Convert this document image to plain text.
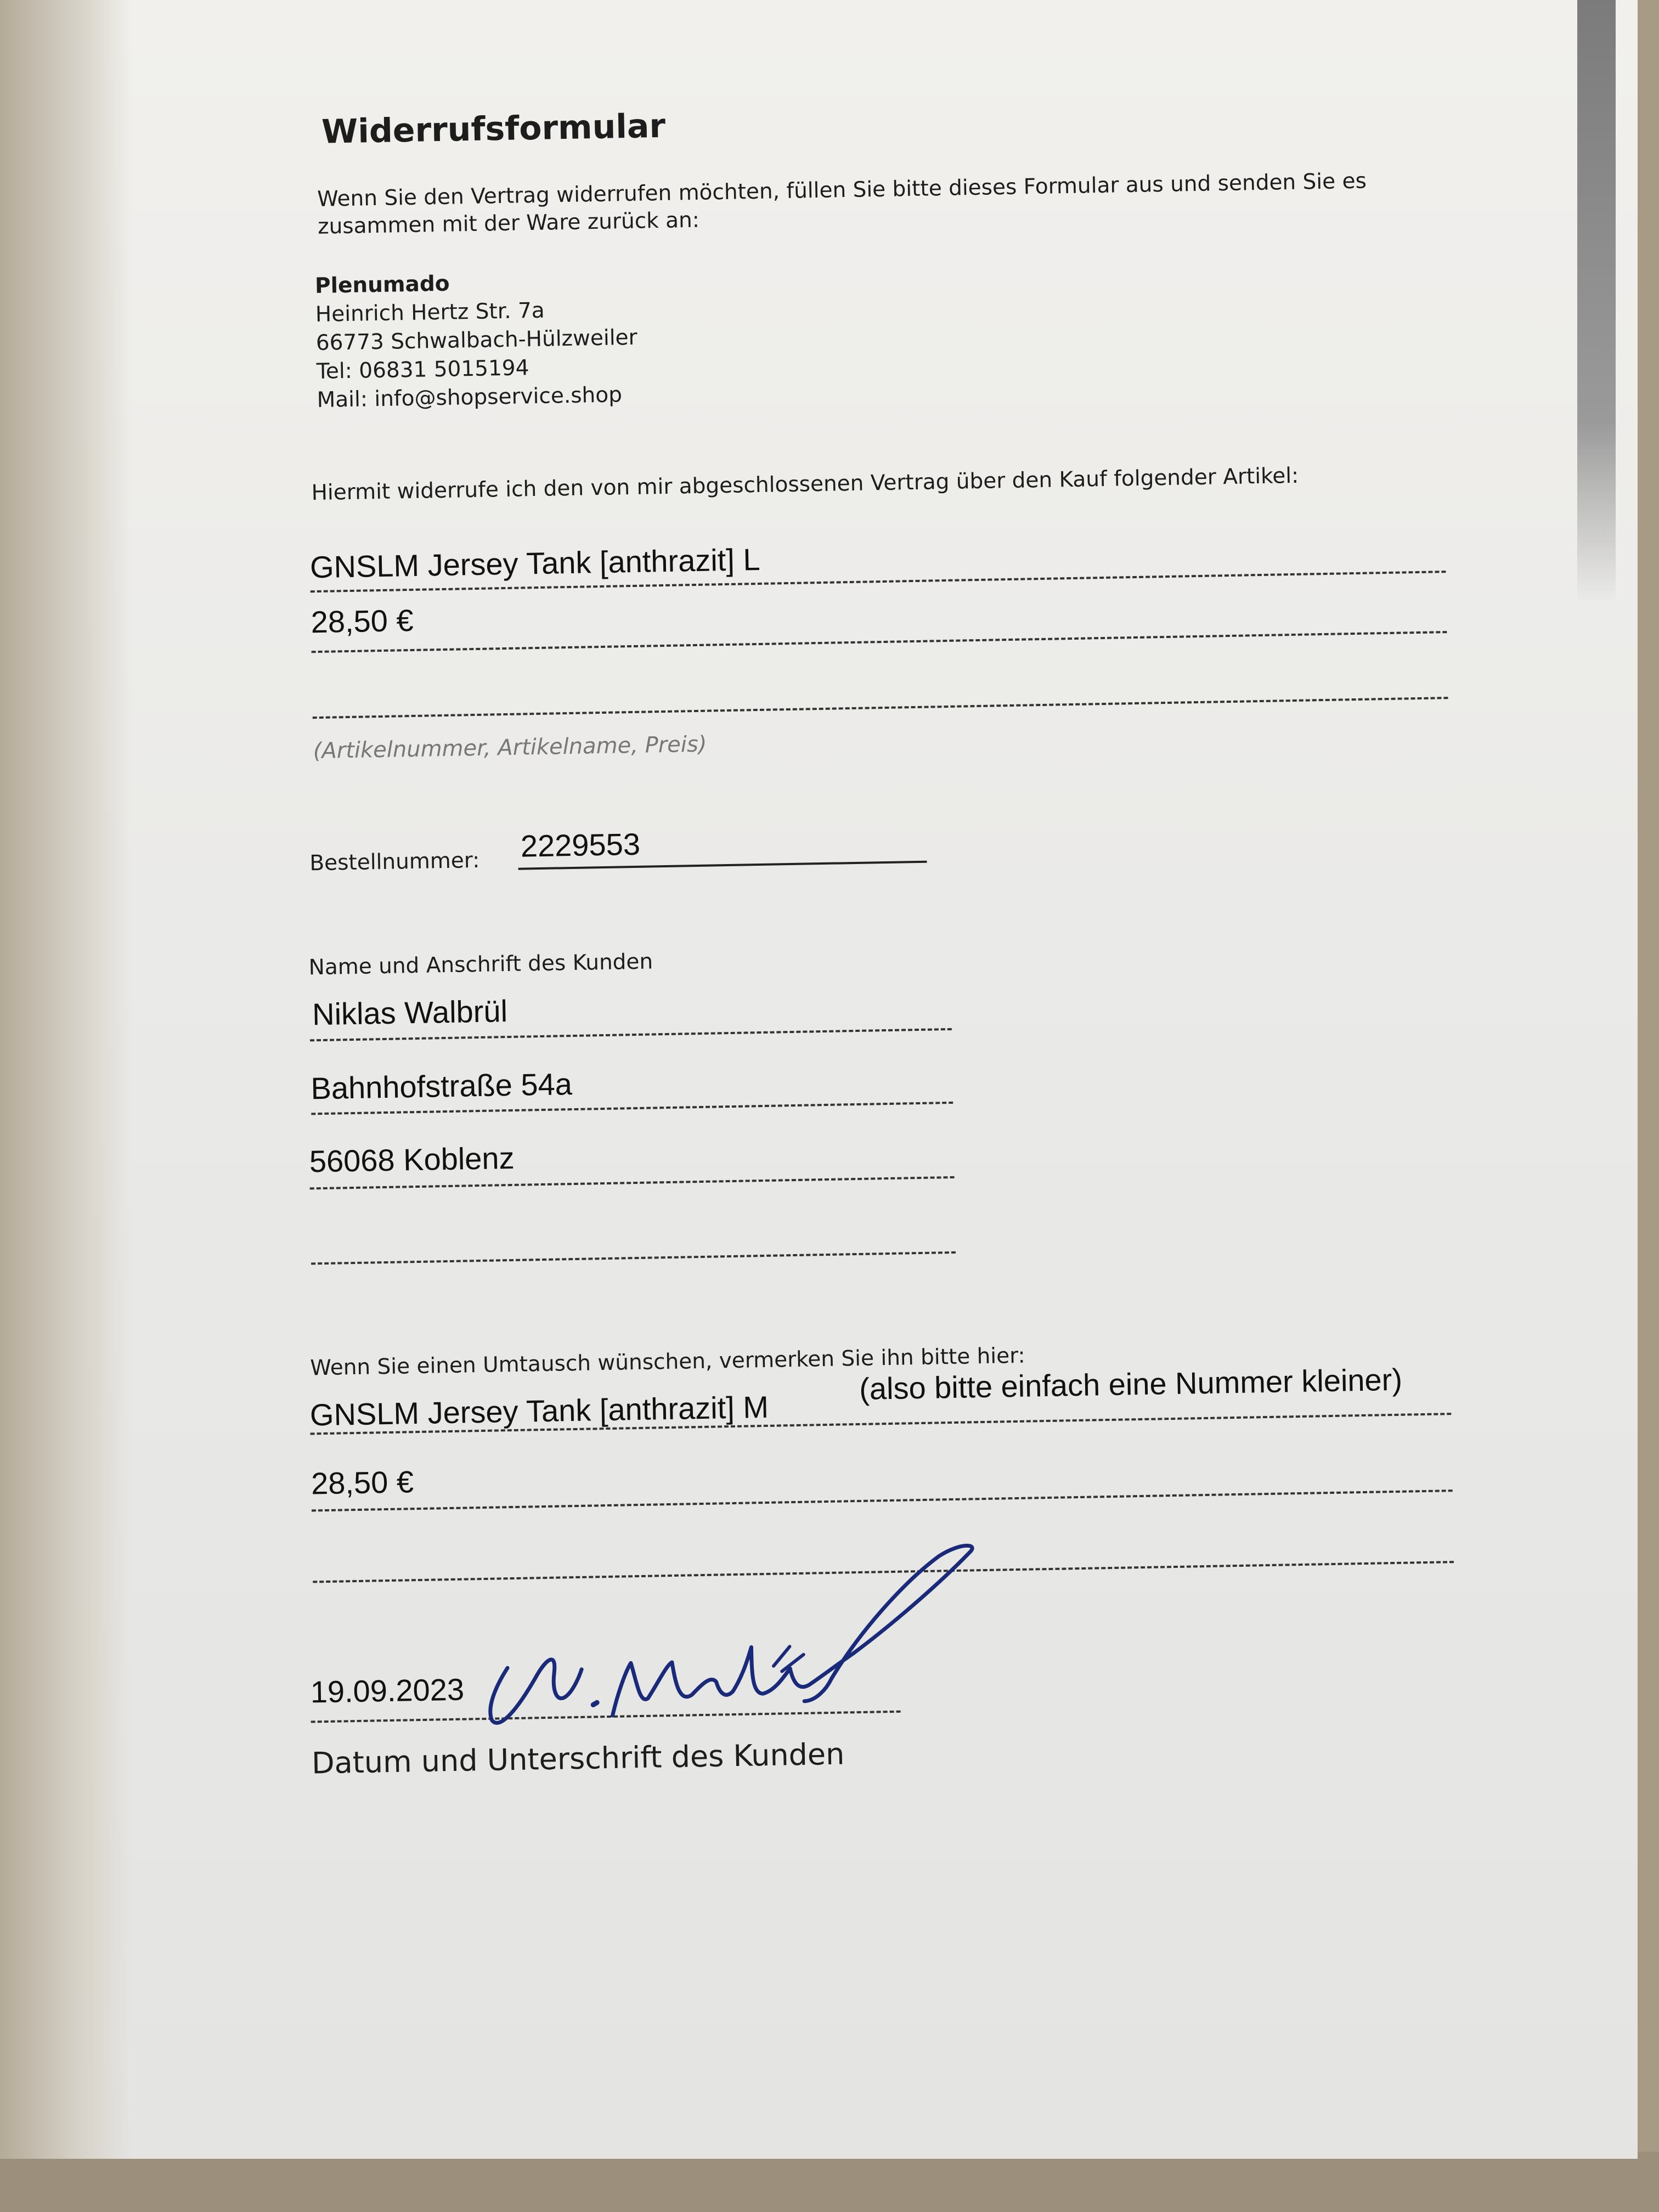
Widerrufsformular
Wenn Sie den Vertrag widerrufen möchten, füllen Sie bitte dieses Formular aus und senden Sie es
zusammen mit der Ware zurück an:
Plenumado
Heinrich Hertz Str. 7a
66773 Schwalbach-Hülzweiler
Tel: 06831 5015194
Mail: info@shopservice.shop
Hiermit widerrufe ich den von mir abgeschlossenen Vertrag über den Kauf folgender Artikel:
GNSLM Jersey Tank [anthrazit] L
28,50 €
(Artikelnummer, Artikelname, Preis)
Bestellnummer: 2229553
Name und Anschrift des Kunden
Niklas Walbrül
Bahnhofstraße 54a
56068 Koblenz
Wenn Sie einen Umtausch wünschen, vermerken Sie ihn bitte hier:
GNSLM Jersey Tank [anthrazit] M
(also bitte einfach eine Nummer kleiner)
28,50 €
19.09.2023
Datum und Unterschrift des Kunden
